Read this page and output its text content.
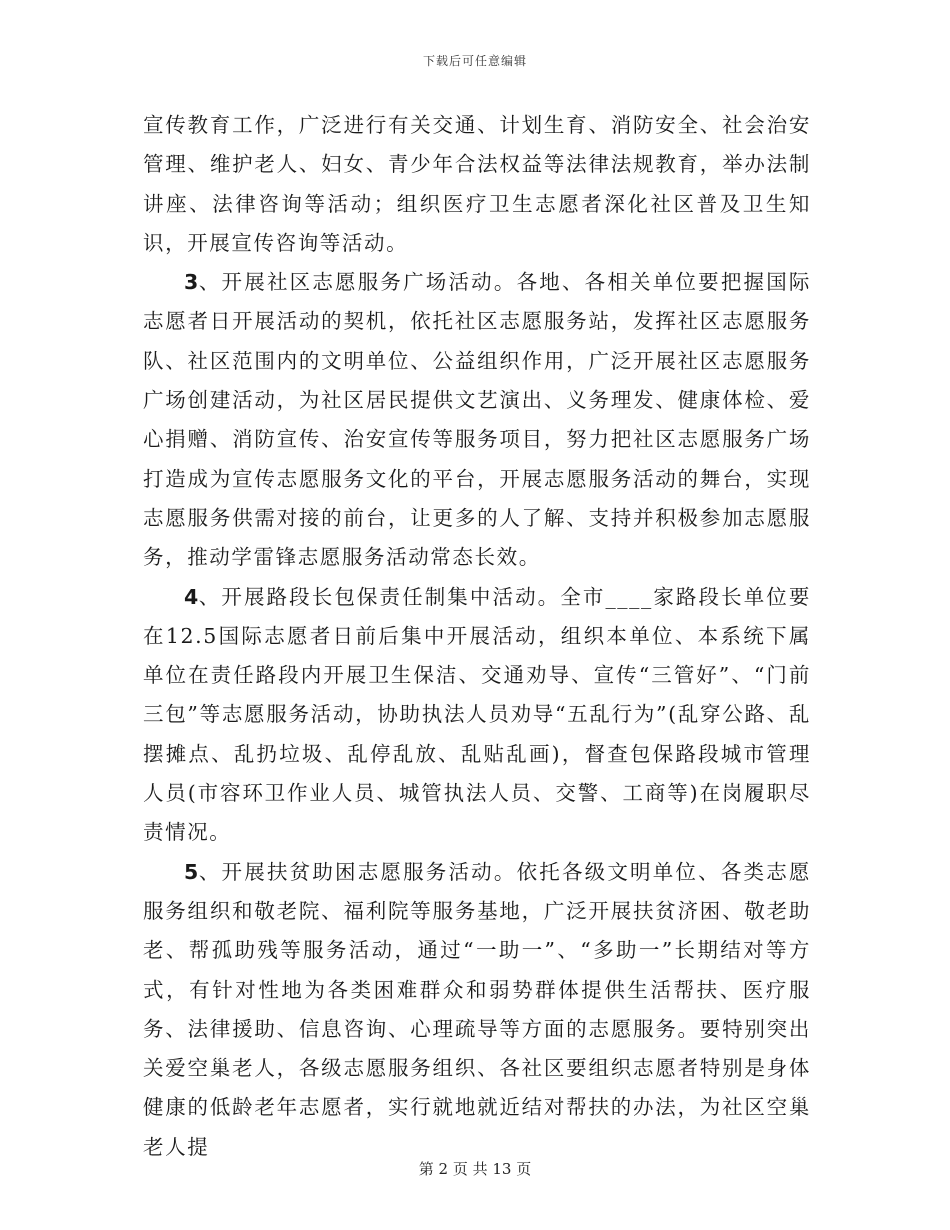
下载后可任意编辑

宣传教育工作，广泛进行有关交通、计划生育、消防安全、社会治安管理、维护老人、妇女、青少年合法权益等法律法规教育，举办法制讲座、法律咨询等活动；组织医疗卫生志愿者深化社区普及卫生知识，开展宣传咨询等活动。

3、开展社区志愿服务广场活动。各地、各相关单位要把握国际志愿者日开展活动的契机，依托社区志愿服务站，发挥社区志愿服务队、社区范围内的文明单位、公益组织作用，广泛开展社区志愿服务广场创建活动，为社区居民提供文艺演出、义务理发、健康体检、爱心捐赠、消防宣传、治安宣传等服务项目，努力把社区志愿服务广场打造成为宣传志愿服务文化的平台，开展志愿服务活动的舞台，实现志愿服务供需对接的前台，让更多的人了解、支持并积极参加志愿服务，推动学雷锋志愿服务活动常态长效。

4、开展路段长包保责任制集中活动。全市____家路段长单位要在12.5国际志愿者日前后集中开展活动，组织本单位、本系统下属单位在责任路段内开展卫生保洁、交通劝导、宣传“三管好”、“门前三包”等志愿服务活动，协助执法人员劝导“五乱行为”(乱穿公路、乱摆摊点、乱扔垃圾、乱停乱放、乱贴乱画)，督查包保路段城市管理人员(市容环卫作业人员、城管执法人员、交警、工商等)在岗履职尽责情况。

5、开展扶贫助困志愿服务活动。依托各级文明单位、各类志愿服务组织和敬老院、福利院等服务基地，广泛开展扶贫济困、敬老助老、帮孤助残等服务活动，通过“一助一”、“多助一”长期结对等方式，有针对性地为各类困难群众和弱势群体提供生活帮扶、医疗服务、法律援助、信息咨询、心理疏导等方面的志愿服务。要特别突出关爱空巢老人，各级志愿服务组织、各社区要组织志愿者特别是身体健康的低龄老年志愿者，实行就地就近结对帮扶的办法，为社区空巢老人提

第 2 页 共 13 页
